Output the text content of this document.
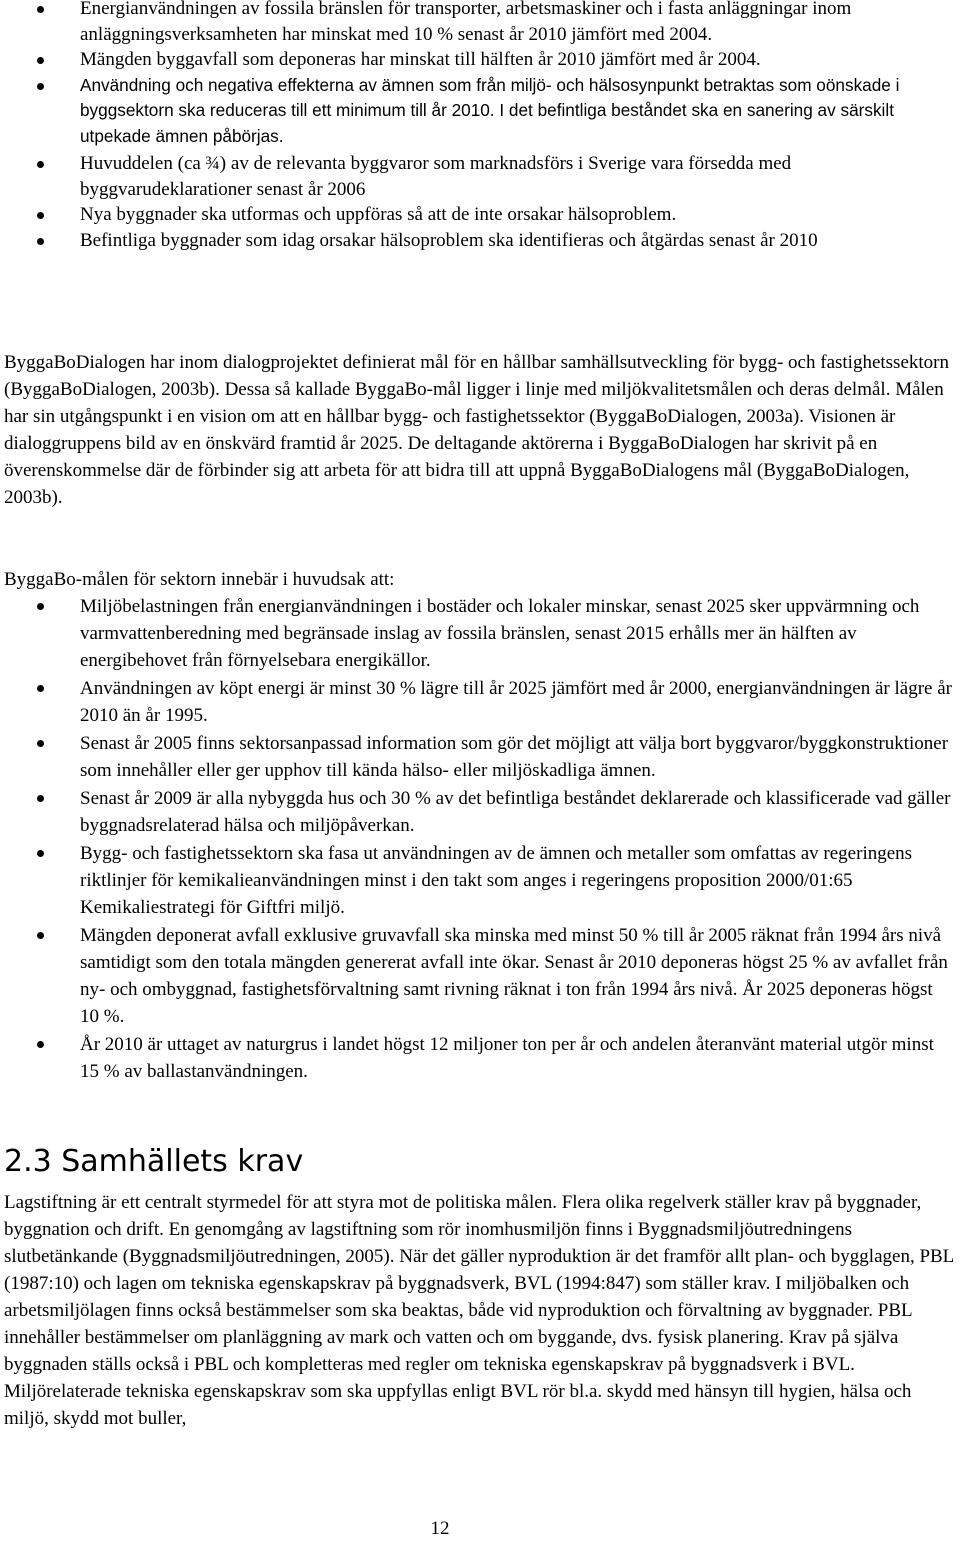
Energianvändningen av fossila bränslen för transporter, arbetsmaskiner och i fasta anläggningar inom anläggningsverksamheten har minskat med 10 % senast år 2010 jämfört med 2004.
Mängden byggavfall som deponeras har minskat till hälften år 2010 jämfört med år 2004.
Användning och negativa effekterna av ämnen som från miljö- och hälsosynpunkt betraktas som oönskade i byggsektorn ska reduceras till ett minimum till år 2010. I det befintliga beståndet ska en sanering av särskilt utpekade ämnen påbörjas.
Huvuddelen (ca ¾) av de relevanta byggvaror som marknadsförs i Sverige vara försedda med byggvarudeklarationer senast år 2006
Nya byggnader ska utformas och uppföras så att de inte orsakar hälsoproblem.
Befintliga byggnader som idag orsakar hälsoproblem ska identifieras och åtgärdas senast år 2010

ByggaBoDialogen har inom dialogprojektet definierat mål för en hållbar samhällsutveckling för bygg- och fastighetssektorn (ByggaBoDialogen, 2003b). Dessa så kallade ByggaBo-mål ligger i linje med miljökvalitetsmålen och deras delmål. Målen har sin utgångspunkt i en vision om att en hållbar bygg- och fastighetssektor (ByggaBoDialogen, 2003a). Visionen är dialoggruppens bild av en önskvärd framtid år 2025. De deltagande aktörerna i ByggaBoDialogen har skrivit på en överenskommelse där de förbinder sig att arbeta för att bidra till att uppnå ByggaBoDialogens mål (ByggaBoDialogen, 2003b).

ByggaBo-målen för sektorn innebär i huvudsak att:

Miljöbelastningen från energianvändningen i bostäder och lokaler minskar, senast 2025 sker uppvärmning och varmvattenberedning med begränsade inslag av fossila bränslen, senast 2015 erhålls mer än hälften av energibehovet från förnyelsebara energikällor.
Användningen av köpt energi är minst 30 % lägre till år 2025 jämfört med år 2000, energianvändningen är lägre år 2010 än år 1995.
Senast år 2005 finns sektorsanpassad information som gör det möjligt att välja bort byggvaror/byggkonstruktioner som innehåller eller ger upphov till kända hälso- eller miljöskadliga ämnen.
Senast år 2009 är alla nybyggda hus och 30 % av det befintliga beståndet deklarerade och klassificerade vad gäller byggnadsrelaterad hälsa och miljöpåverkan.
Bygg- och fastighetssektorn ska fasa ut användningen av de ämnen och metaller som omfattas av regeringens riktlinjer för kemikalieanvändningen minst i den takt som anges i regeringens proposition 2000/01:65 Kemikaliestrategi för Giftfri miljö.
Mängden deponerat avfall exklusive gruvavfall ska minska med minst 50 % till år 2005 räknat från 1994 års nivå samtidigt som den totala mängden genererat avfall inte ökar. Senast år 2010 deponeras högst 25 % av avfallet från ny- och ombyggnad, fastighetsförvaltning samt rivning räknat i ton från 1994 års nivå. År 2025 deponeras högst 10 %.
År 2010 är uttaget av naturgrus i landet högst 12 miljoner ton per år och andelen återanvänt material utgör minst 15 % av ballastanvändningen.
2.3 Samhällets krav

Lagstiftning är ett centralt styrmedel för att styra mot de politiska målen. Flera olika regelverk ställer krav på byggnader, byggnation och drift. En genomgång av lagstiftning som rör inomhusmiljön finns i Byggnadsmiljöutredningens slutbetänkande (Byggnadsmiljöutredningen, 2005). När det gäller nyproduktion är det framför allt plan- och bygglagen, PBL (1987:10) och lagen om tekniska egenskapskrav på byggnadsverk, BVL (1994:847) som ställer krav. I miljöbalken och arbetsmiljölagen finns också bestämmelser som ska beaktas, både vid nyproduktion och förvaltning av byggnader. PBL innehåller bestämmelser om planläggning av mark och vatten och om byggande, dvs. fysisk planering. Krav på själva byggnaden ställs också i PBL och kompletteras med regler om tekniska egenskapskrav på byggnadsverk i BVL. Miljörelaterade tekniska egenskapskrav som ska uppfyllas enligt BVL rör bl.a. skydd med hänsyn till hygien, hälsa och miljö, skydd mot buller,

12
